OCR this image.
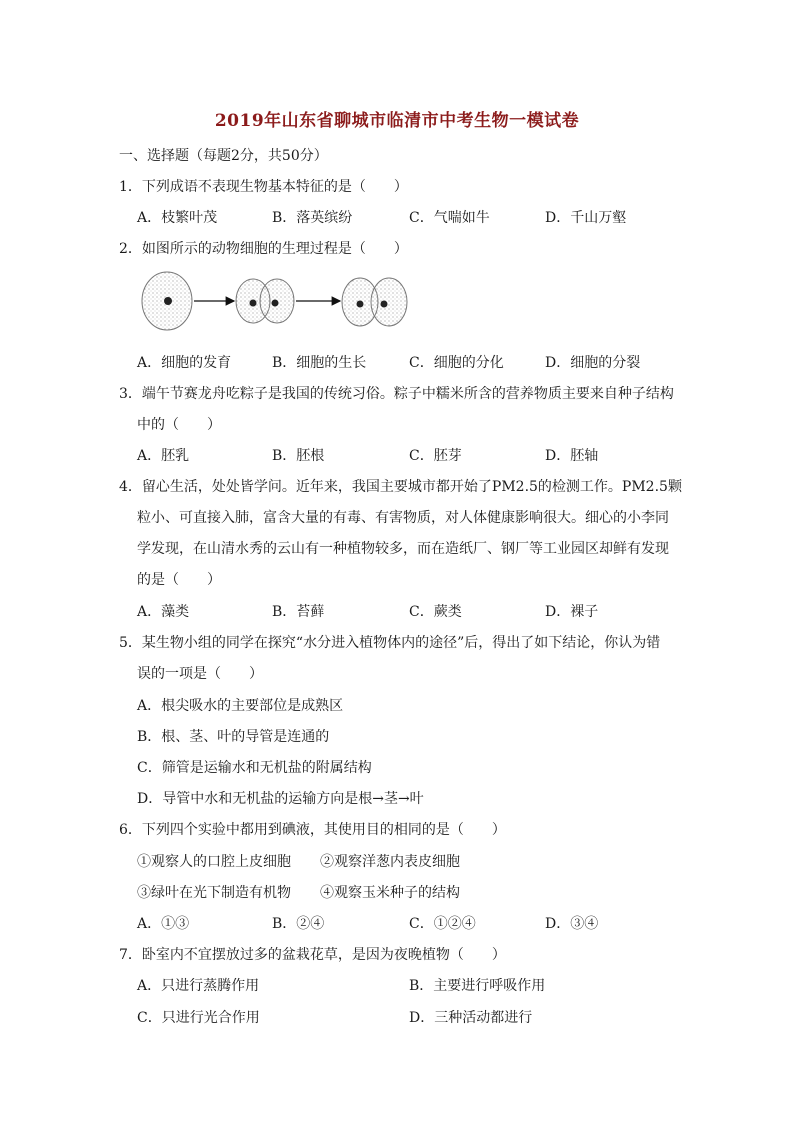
2019年山东省聊城市临清市中考生物一模试卷
一、选择题（每题2分，共50分）
1．下列成语不表现生物基本特征的是（　　）
A．枝繁叶茂	B．落英缤纷	C．气喘如牛	D．千山万壑
2．如图所示的动物细胞的生理过程是（　　）
A．细胞的发育	B．细胞的生长	C．细胞的分化	D．细胞的分裂
3．端午节赛龙舟吃粽子是我国的传统习俗。粽子中糯米所含的营养物质主要来自种子结构
中的（　　）
A．胚乳	B．胚根	C．胚芽	D．胚轴
4．留心生活，处处皆学问。近年来，我国主要城市都开始了PM2.5的检测工作。PM2.5颗
粒小、可直接入肺，富含大量的有毒、有害物质，对人体健康影响很大。细心的小李同
学发现，在山清水秀的云山有一种植物较多，而在造纸厂、钢厂等工业园区却鲜有发现
的是（　　）
A．藻类	B．苔藓	C．蕨类	D．裸子
5．某生物小组的同学在探究“水分进入植物体内的途径”后，得出了如下结论，你认为错
误的一项是（　　）
A．根尖吸水的主要部位是成熟区
B．根、茎、叶的导管是连通的
C．筛管是运输水和无机盐的附属结构
D．导管中水和无机盐的运输方向是根→茎→叶
6．下列四个实验中都用到碘液，其使用目的相同的是（　　）
①观察人的口腔上皮细胞 ②观察洋葱内表皮细胞
③绿叶在光下制造有机物 ④观察玉米种子的结构
A．①③	B．②④	C．①②④	D．③④
7．卧室内不宜摆放过多的盆栽花草，是因为夜晚植物（　　）
A．只进行蒸腾作用	B．主要进行呼吸作用
C．只进行光合作用	D．三种活动都进行
